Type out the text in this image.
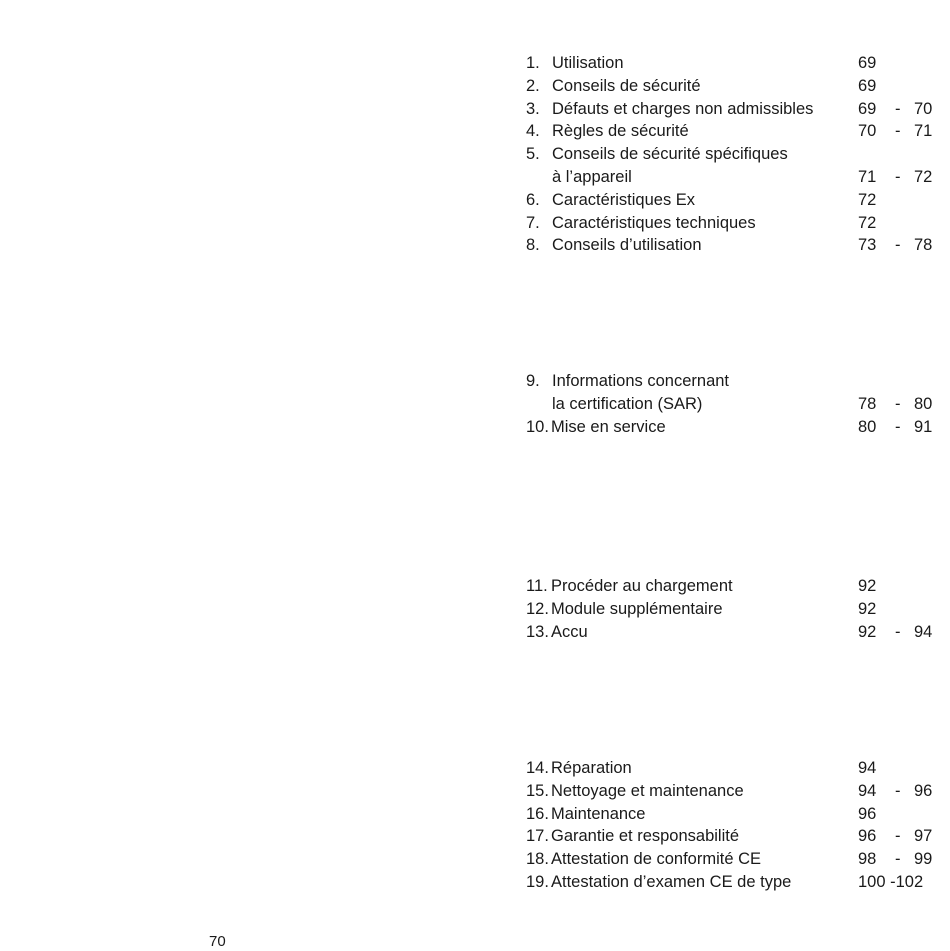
1. Utilisation	69
2. Conseils de sécurité	69
3. Défauts et charges non admissibles	69 - 70
4. Règles de sécurité	70 - 71
5. Conseils de sécurité spécifiques
à l’appareil	71 - 72
6. Caractéristiques Ex	72
7. Caractéristiques techniques	72
8. Conseils d’utilisation	73 - 78
9. Informations concernant
la certification (SAR)	78 - 80
10. Mise en service	80 - 91
11. Procéder au chargement	92
12. Module supplémentaire	92
13. Accu	92 - 94
14. Réparation	94
15. Nettoyage et maintenance	94 - 96
16. Maintenance	96
17. Garantie et responsabilité	96 - 97
18. Attestation de conformité CE	98 - 99
19. Attestation d’examen CE de type	100 -102
70
